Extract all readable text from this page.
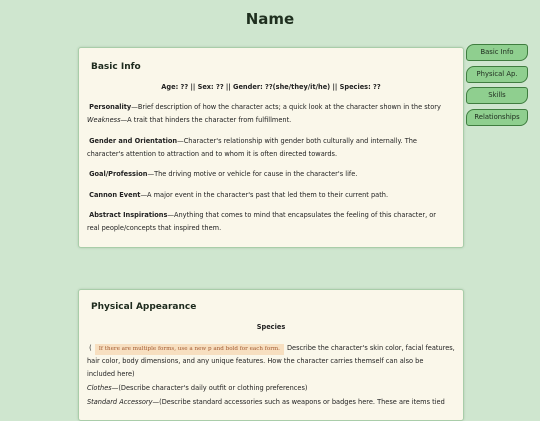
Name
Basic Info
Age: ?? || Sex: ?? || Gender: ??(she/they/it/he) || Species: ??
Personality—Brief description of how the character acts; a quick look at the character shown in the story
Weakness—A trait that hinders the character from fulfillment.
Gender and Orientation—Character's relationship with gender both culturally and internally. The
character's attention to attraction and to whom it is often directed towards.
Goal/Profession—The driving motive or vehicle for cause in the character's life.
Cannon Event—A major event in the character's past that led them to their current path.
Abstract Inspirations—Anything that comes to mind that encapsulates the feeling of this character, or
real people/concepts that inspired them.
Physical Appearance
Species
( If there are multiple forms, use a new p and bold for each form. Describe the character's skin color, facial features,
hair color, body dimensions, and any unique features. How the character carries themself can also be
included here)
Clothes—(Describe character's daily outfit or clothing preferences)
Standard Accessory—(Describe standard accessories such as weapons or badges here. These are items tied
Basic Info
Physical Ap.
Skills
Relationships
